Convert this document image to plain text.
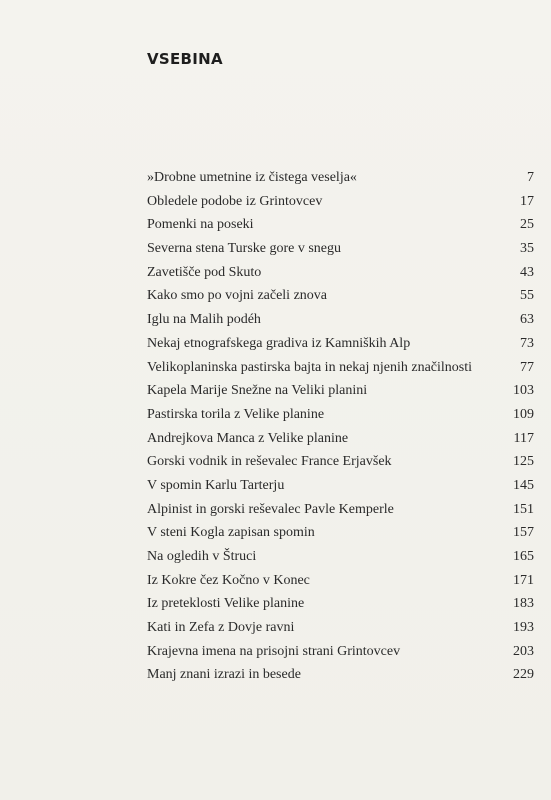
VSEBINA
»Drobne umetnine iz čistega veselja«	7
Obledele podobe iz Grintovcev	17
Pomenki na poseki	25
Severna stena Turske gore v snegu	35
Zavetišče pod Skuto	43
Kako smo po vojni začeli znova	55
Iglu na Malih podéh	63
Nekaj etnografskega gradiva iz Kamniških Alp	73
Velikoplaninska pastirska bajta in nekaj njenih značilnosti	77
Kapela Marije Snežne na Veliki planini	103
Pastirska torila z Velike planine	109
Andrejkova Manca z Velike planine	117
Gorski vodnik in reševalec France Erjavšek	125
V spomin Karlu Tarterju	145
Alpinist in gorski reševalec Pavle Kemperle	151
V steni Kogla zapisan spomin	157
Na ogledih v Štruci	165
Iz Kokre čez Kočno v Konec	171
Iz preteklosti Velike planine	183
Kati in Zefa z Dovje ravni	193
Krajevna imena na prisojni strani Grintovcev	203
Manj znani izrazi in besede	229
